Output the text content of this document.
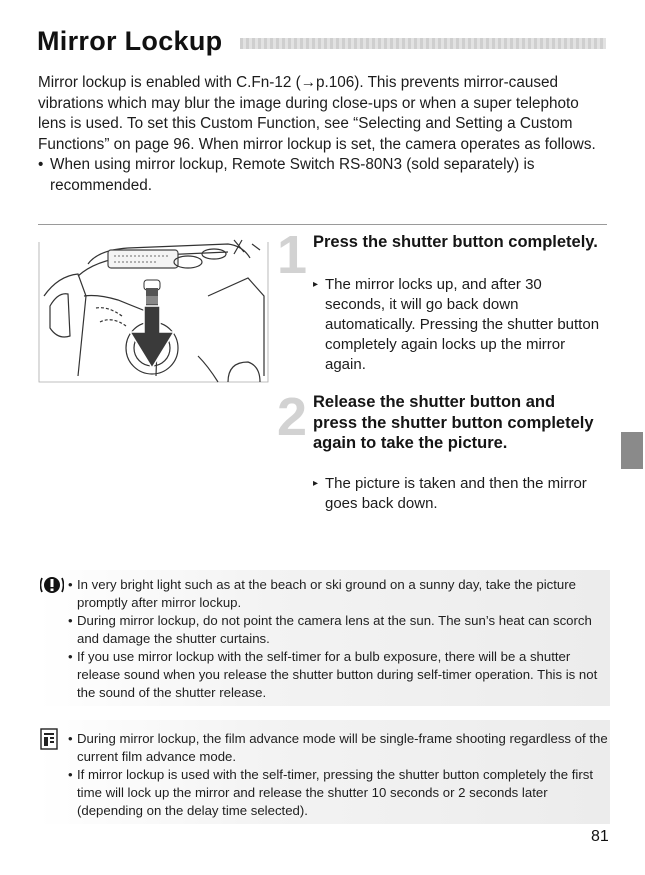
Mirror Lockup

Mirror lockup is enabled with C.Fn-12 (→p.106). This prevents mirror-caused vibrations which may blur the image during close-ups or when a super telephoto lens is used. To set this Custom Function, see “Selecting and Setting a Custom Functions” on page 96. When mirror lockup is set, the camera operates as follows.

• When using mirror lockup, Remote Switch RS-80N3 (sold separately) is recommended.
1 Press the shutter button completely.
▸ The mirror locks up, and after 30 seconds, it will go back down automatically. Pressing the shutter button completely again locks up the mirror again.
2 Release the shutter button and press the shutter button completely again to take the picture.
▸ The picture is taken and then the mirror goes back down.
• In very bright light such as at the beach or ski ground on a sunny day, take the picture promptly after mirror lockup.
• During mirror lockup, do not point the camera lens at the sun. The sun’s heat can scorch and damage the shutter curtains.
• If you use mirror lockup with the self-timer for a bulb exposure, there will be a shutter release sound when you release the shutter button during self-timer operation. This is not the sound of the shutter release.
• During mirror lockup, the film advance mode will be single-frame shooting regardless of the current film advance mode.
• If mirror lockup is used with the self-timer, pressing the shutter button completely the first time will lock up the mirror and release the shutter 10 seconds or 2 seconds later (depending on the delay time selected).
81
